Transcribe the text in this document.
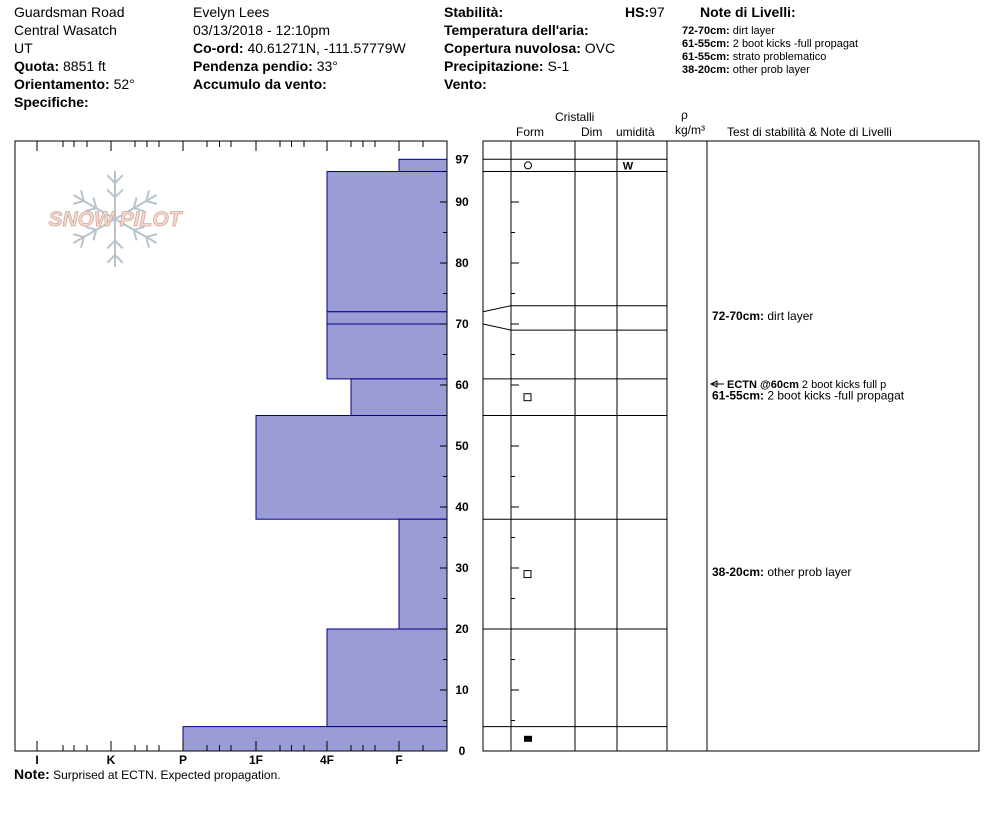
Guardsman Road
Central Wasatch
UT
Quota: 8851 ft
Orientamento: 52°
Specifiche:
Evelyn Lees
03/13/2018 - 12:10pm
Co-ord: 40.61271N, -111.57779W
Pendenza pendio: 33°
Accumulo da vento:
Stabilità:
Temperatura dell'aria:
Copertura nuvolosa: OVC
Precipitazione: S-1
Vento:
HS:97	Note di Livelli:
72-70cm: dirt layer
61-55cm: 2 boot kicks -full propagat
61-55cm: strato problematico
38-20cm: other prob layer
Cristalli
Form	Dim umidità
ρ
kg/m³ Test di stabilità & Note di Livelli
SNOW PILOT
0
10
20
30
40
50
60
70
80
90
97
I	K	P	1F	4F	F
W
72-70cm: dirt layer
61-55cm: 2 boot kicks -full propagat
38-20cm: other prob layer
ECTN @60cm 2 boot kicks full p
Note: Surprised at ECTN. Expected propagation.
